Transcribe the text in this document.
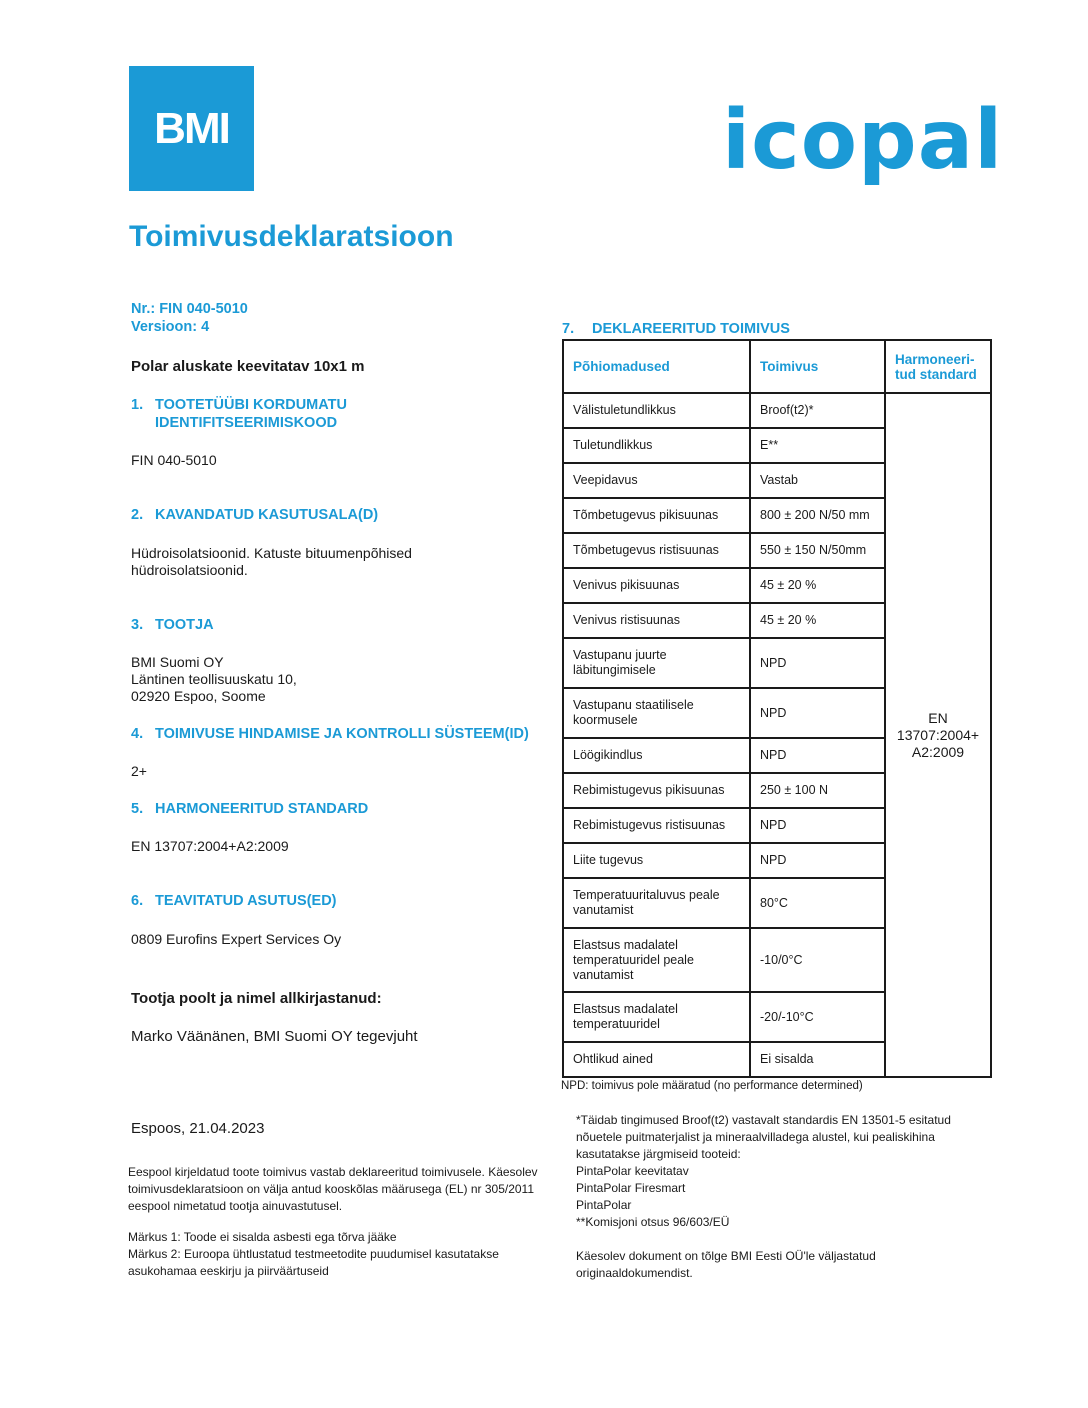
BMI	icopal
Toimivusdeklaratsioon
Nr.: FIN 040-5010
Versioon: 4
Polar aluskate keevitatav 10x1 m
1. TOOTETÜÜBI KORDUMATU
IDENTIFITSEERIMISKOOD
FIN 040-5010
2. KAVANDATUD KASUTUSALA(D)
Hüdroisolatsioonid. Katuste bituumenpõhised
hüdroisolatsioonid.
3. TOOTJA
BMI Suomi OY
Läntinen teollisuuskatu 10,
02920 Espoo, Soome
4. TOIMIVUSE HINDAMISE JA KONTROLLI SÜSTEEM(ID)
2+
5. HARMONEERITUD STANDARD
EN 13707:2004+A2:2009
6. TEAVITATUD ASUTUS(ED)
0809 Eurofins Expert Services Oy
Tootja poolt ja nimel allkirjastanud:
Marko Väänänen, BMI Suomi OY tegevjuht
Espoos, 21.04.2023
Eespool kirjeldatud toote toimivus vastab deklareeritud toimivusele. Käesolev
toimivusdeklaratsioon on välja antud kooskõlas määrusega (EL) nr 305/2011
eespool nimetatud tootja ainuvastutusel.
Märkus 1: Toode ei sisalda asbesti ega tõrva jääke
Märkus 2: Euroopa ühtlustatud testmeetodite puudumisel kasutatakse
asukohamaa eeskirju ja piirväärtuseid
7. DEKLAREERITUD TOIMIVUS
Põhiomadused	Toimivus	Harmoneeri-
tud standard

Välistuletundlikkus	Broof(t2)*	EN
13707:2004+
A2:2009

Tuletundlikkus	E**	
Veepidavus	Vastab	
Tõmbetugevus pikisuunas	800 ± 200 N/50 mm	
Tõmbetugevus ristisuunas	550 ± 150 N/50mm	
Venivus pikisuunas	45 ± 20 %	
Venivus ristisuunas	45 ± 20 %	

Vastupanu juurte
läbitungimisele	NPD	

Vastupanu staatilisele
koormusele	NPD	
Löögikindlus	NPD	
Rebimistugevus pikisuunas	250 ± 100 N	
Rebimistugevus ristisuunas	NPD	
Liite tugevus	NPD	

Temperatuuritaluvus peale
vanutamist	80°C	

Elastsus madalatel
temperatuuridel peale
vanutamist	-10/0°C	

Elastsus madalatel
temperatuuridel	-20/-10°C	
Ohtlikud ained	Ei sisalda	
NPD: toimivus pole määratud (no performance determined)
*Täidab tingimused Broof(t2) vastavalt standardis EN 13501-5 esitatud
nõuetele puitmaterjalist ja mineraalvilladega alustel, kui pealiskihina
kasutatakse järgmiseid tooteid:
PintaPolar keevitatav
PintaPolar Firesmart
PintaPolar
**Komisjoni otsus 96/603/EÜ
Käesolev dokument on tõlge BMI Eesti OÜ'le väljastatud
originaaldokumendist.
